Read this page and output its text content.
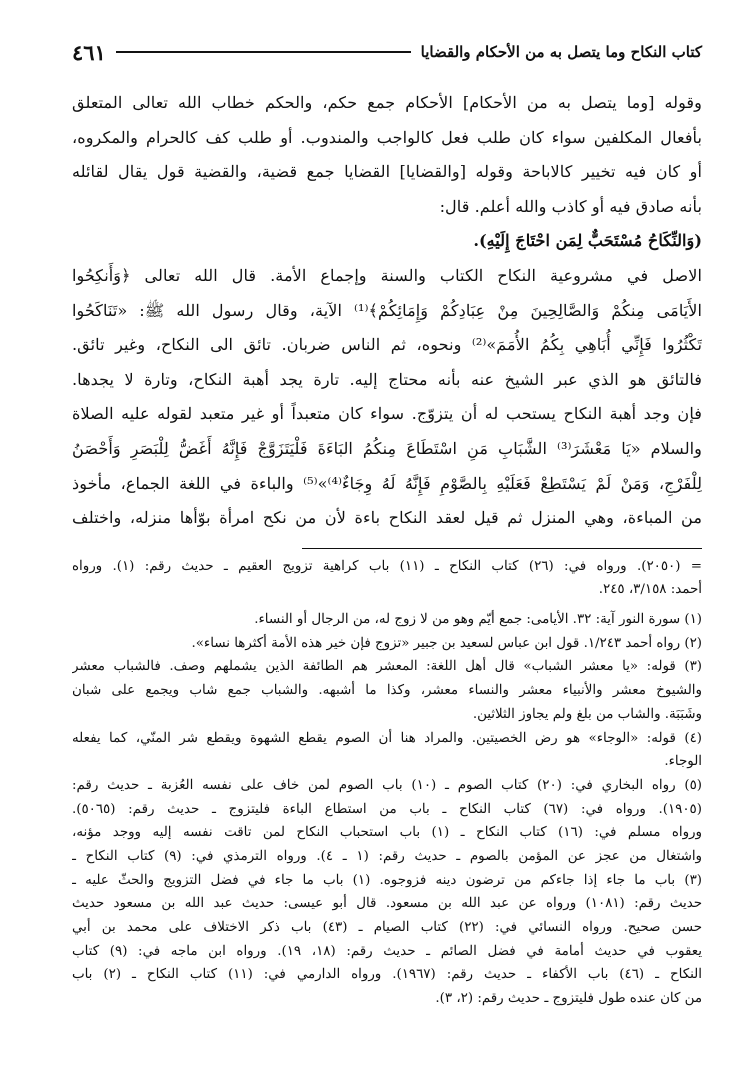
كتاب النكاح وما يتصل به من الأحكام والقضايا
٤٦١
وقوله [وما يتصل به من الأحكام] الأحكام جمع حكم، والحكم خطاب الله تعالى المتعلق
بأفعال المكلفين سواء كان طلب فعل كالواجب والمندوب. أو طلب كف كالحرام والمكروه،
أو كان فيه تخيير كالاباحة وقوله [والقضايا] القضايا جمع قضية، والقضية قول يقال لقائله
بأنه صادق فيه أو كاذب والله أعلم. قال:
(وَالنِّكَاحُ مُسْتَحَبٌّ لِمَن احْتَاجَ إِلَيْهِ).
الاصل في مشروعية النكاح الكتاب والسنة وإجماع الأمة. قال الله تعالى ﴿وَأَنكِحُوا
الأَيَامَى مِنكُمْ وَالصَّالِحِينَ مِنْ عِبَادِكُمْ وَإِمَائِكُمْ﴾⁽¹⁾ الآية، وقال رسول الله ﷺ: «تَنَاكَحُوا
تَكْثُرُوا فَإِنِّي أُبَاهِي بِكُمُ الأُمَمَ»⁽²⁾ ونحوه، ثم الناس ضربان. تائق الى النكاح، وغير تائق.
فالتائق هو الذي عبر الشيخ عنه بأنه محتاج إليه. تارة يجد أهبة النكاح، وتارة لا يجدها.
فإن وجد أهبة النكاح يستحب له أن يتزوّج. سواء كان متعبداً أو غير متعبد لقوله عليه الصلاة
والسلام «يَا مَعْشَرَ⁽³⁾ الشَّبَابِ مَنِ اسْتَطَاعَ مِنكُمُ البَاءَةَ فَلْيَتَزَوَّجْ فَإِنَّهُ أَغَضُّ لِلْبَصَرِ وَأَحْصَنُ
لِلْفَرْجِ، وَمَنْ لَمْ يَسْتَطِعْ فَعَلَيْهِ بِالصَّوْمِ فَإِنَّهُ لَهُ وِجَاءٌ⁽⁴⁾»⁽⁵⁾ والباءة في اللغة الجماع، مأخوذ
من المباءة، وهي المنزل ثم قيل لعقد النكاح باءة لأن من نكح امرأة بوّأها منزله، واختلف
= (٢٠٥٠). ورواه في: (٢٦) كتاب النكاح ـ (١١) باب كراهية تزويج العقيم ـ حديث رقم: (١). ورواه
أحمد: ٣/١٥٨، ٢٤٥.
(١) سورة النور آية: ٣٢. الأيامى: جمع أيّم وهو من لا زوج له، من الرجال أو النساء.
(٢) رواه أحمد ١/٢٤٣. قول ابن عباس لسعيد بن جبير «تزوج فإن خير هذه الأمة أكثرها نساء».
(٣) قوله: «يا معشر الشباب» قال أهل اللغة: المعشر هم الطائفة الذين يشملهم وصف. فالشباب معشر
والشيوخ معشر والأنبياء معشر والنساء معشر، وكذا ما أشبهه. والشباب جمع شاب ويجمع على شبان
وشَبَبَة. والشاب من بلغ ولم يجاوز الثلاثين.
(٤) قوله: «الوجاء» هو رض الخصيتين. والمراد هنا أن الصوم يقطع الشهوة ويقطع شر المنّي، كما يفعله
الوجاء.
(٥) رواه البخاري في: (٢٠) كتاب الصوم ـ (١٠) باب الصوم لمن خاف على نفسه العُزبة ـ حديث رقم:
(١٩٠٥). ورواه في: (٦٧) كتاب النكاح ـ باب من استطاع الباءة فليتزوج ـ حديث رقم: (٥٠٦٥).
ورواه مسلم في: (١٦) كتاب النكاح ـ (١) باب استحباب النكاح لمن تاقت نفسه إليه ووجد مؤنه،
واشتغال من عجز عن المؤمن بالصوم ـ حديث رقم: (١ ـ ٤). ورواه الترمذي في: (٩) كتاب النكاح ـ
(٣) باب ما جاء إذا جاءكم من ترضون دينه فزوجوه. (١) باب ما جاء في فضل التزويج والحثّ عليه ـ
حديث رقم: (١٠٨١) ورواه عن عبد الله بن مسعود. قال أبو عيسى: حديث عبد الله بن مسعود حديث
حسن صحيح. ورواه النسائي في: (٢٢) كتاب الصيام ـ (٤٣) باب ذكر الاختلاف على محمد بن أبي
يعقوب في حديث أمامة في فضل الصائم ـ حديث رقم: (١٨، ١٩). ورواه ابن ماجه في: (٩) كتاب
النكاح ـ (٤٦) باب الأكفاء ـ حديث رقم: (١٩٦٧). ورواه الدارمي في: (١١) كتاب النكاح ـ (٢) باب
من كان عنده طول فليتزوج ـ حديث رقم: (٢، ٣).
